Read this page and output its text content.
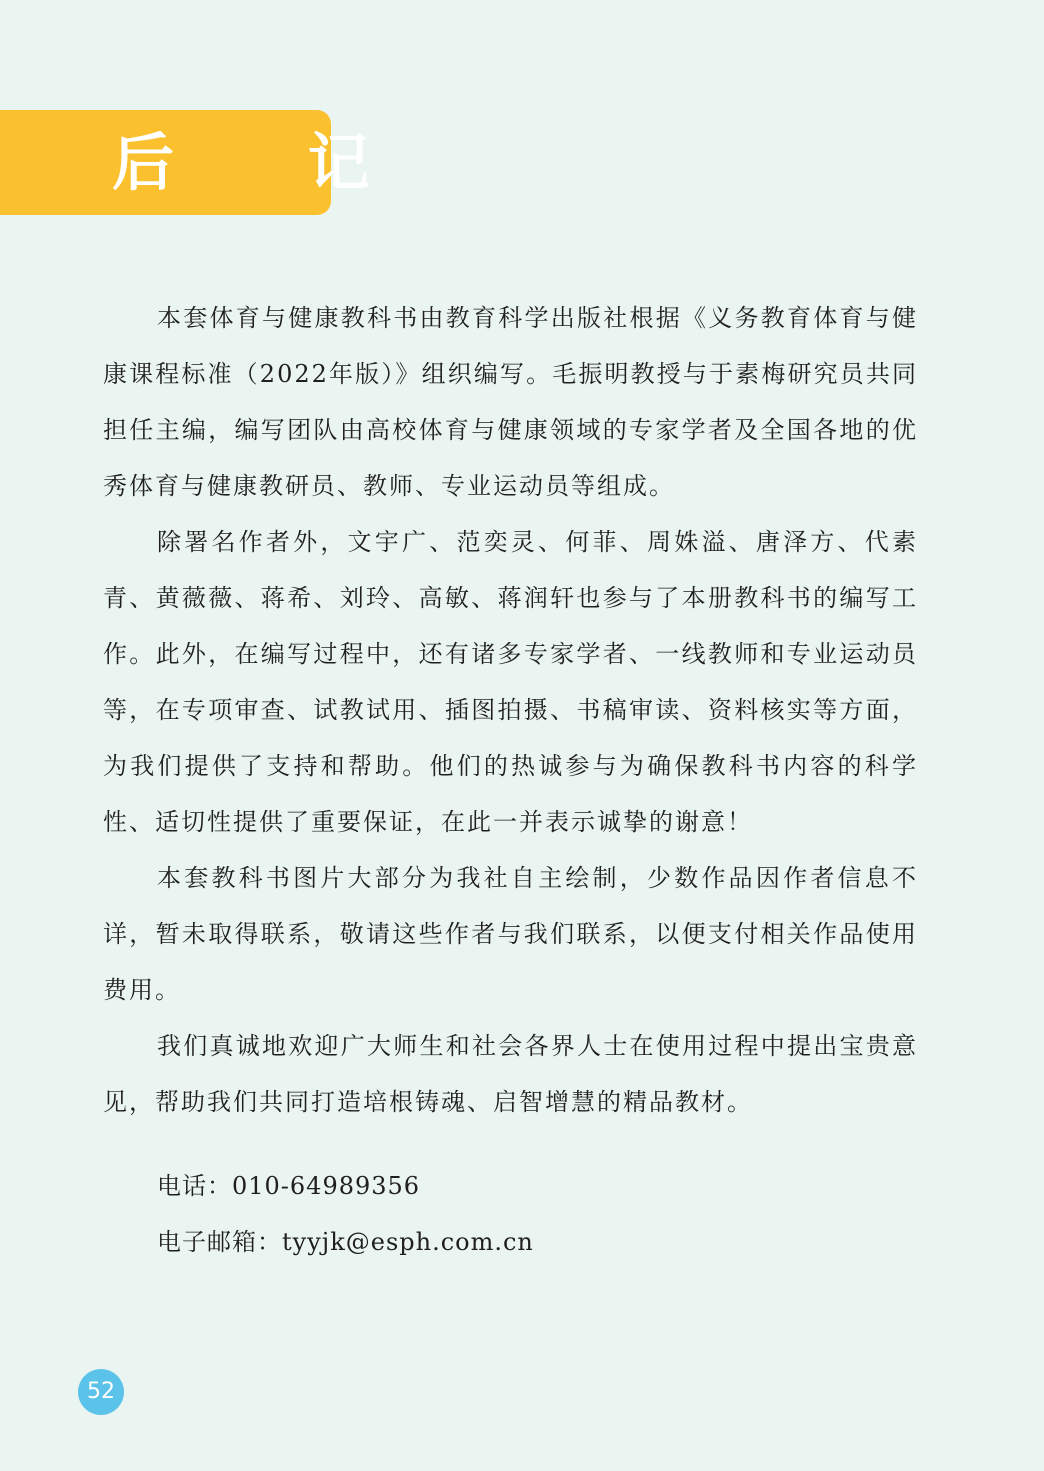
后 记

本套体育与健康教科书由教育科学出版社根据《义务教育体育与健康课程标准（2022年版）》组织编写。毛振明教授与于素梅研究员共同担任主编，编写团队由高校体育与健康领域的专家学者及全国各地的优秀体育与健康教研员、教师、专业运动员等组成。

除署名作者外，文宇广、范奕灵、何菲、周姝溢、唐泽方、代素青、黄薇薇、蒋希、刘玲、高敏、蒋润轩也参与了本册教科书的编写工作。此外，在编写过程中，还有诸多专家学者、一线教师和专业运动员等，在专项审查、试教试用、插图拍摄、书稿审读、资料核实等方面，为我们提供了支持和帮助。他们的热诚参与为确保教科书内容的科学性、适切性提供了重要保证，在此一并表示诚挚的谢意！

本套教科书图片大部分为我社自主绘制，少数作品因作者信息不详，暂未取得联系，敬请这些作者与我们联系，以便支付相关作品使用费用。

我们真诚地欢迎广大师生和社会各界人士在使用过程中提出宝贵意见，帮助我们共同打造培根铸魂、启智增慧的精品教材。

电话：010-64989356
电子邮箱：tyyjk@esph.com.cn
52
